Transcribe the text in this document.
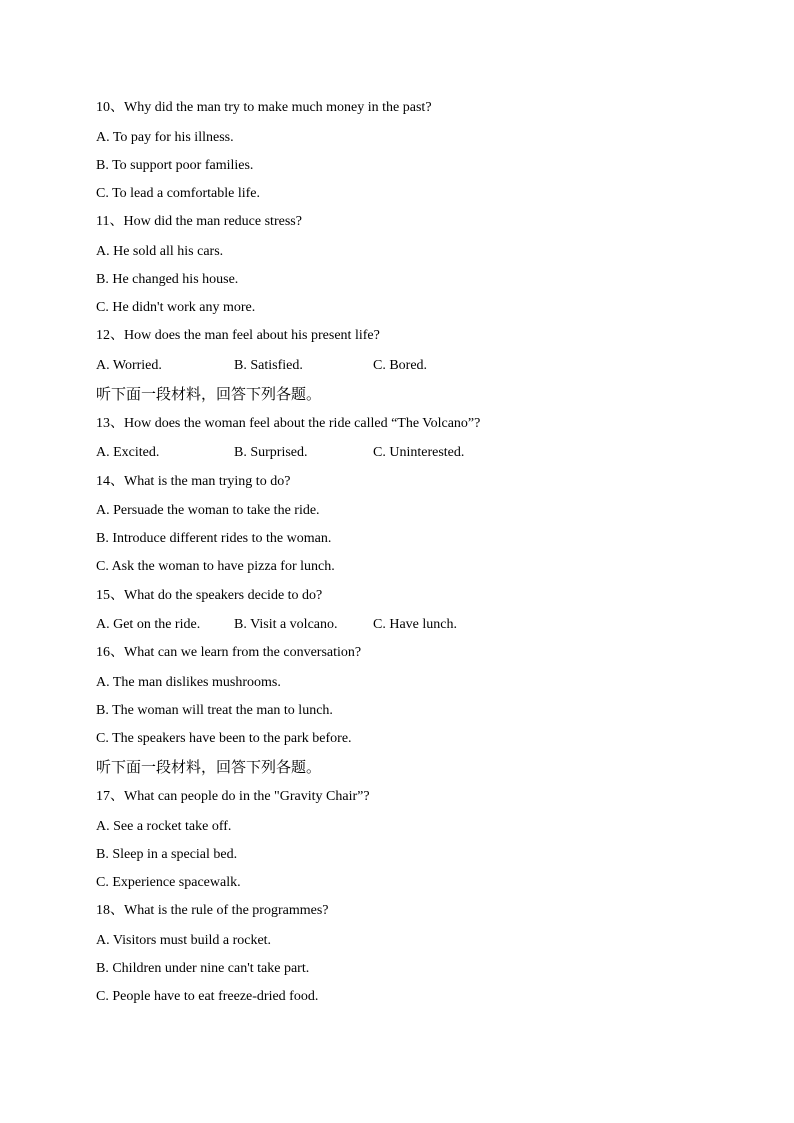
10、Why did the man try to make much money in the past?
A. To pay for his illness.
B. To support poor families.
C. To lead a comfortable life.
11、How did the man reduce stress?
A. He sold all his cars.
B. He changed his house.
C. He didn't work any more.
12、How does the man feel about his present life?
A. Worried.	B. Satisfied.	C. Bored.
听下面一段材料，回答下列各题。
13、How does the woman feel about the ride called “The Volcano”?
A. Excited.	B. Surprised.	C. Uninterested.
14、What is the man trying to do?
A. Persuade the woman to take the ride.
B. Introduce different rides to the woman.
C. Ask the woman to have pizza for lunch.
15、What do the speakers decide to do?
A. Get on the ride.	B. Visit a volcano.	C. Have lunch.
16、What can we learn from the conversation?
A. The man dislikes mushrooms.
B. The woman will treat the man to lunch.
C. The speakers have been to the park before.
听下面一段材料，回答下列各题。
17、What can people do in the "Gravity Chair”?
A. See a rocket take off.
B. Sleep in a special bed.
C. Experience spacewalk.
18、What is the rule of the programmes?
A. Visitors must build a rocket.
B. Children under nine can't take part.
C. People have to eat freeze-dried food.
